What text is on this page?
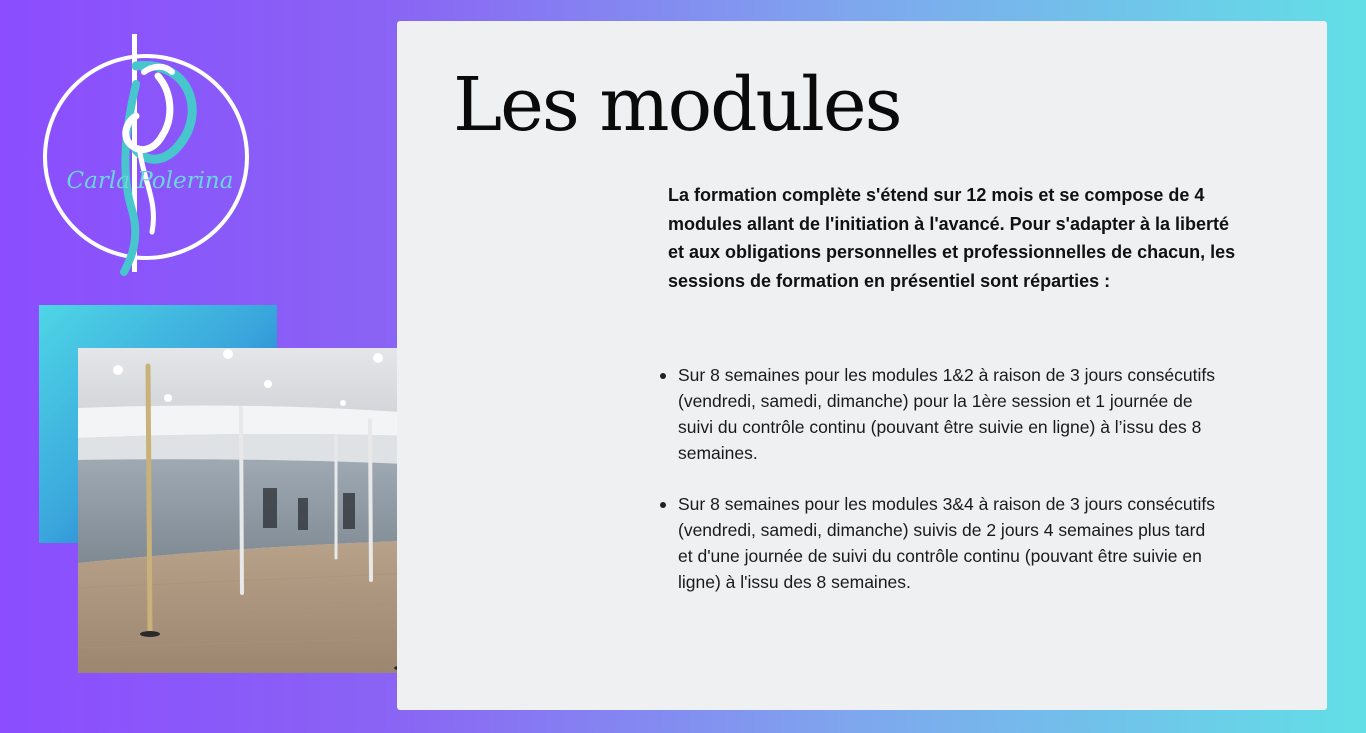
Carla Polerina
Les modules

La formation complète s'étend sur 12 mois et se compose de 4 modules allant de l'initiation à l'avancé. Pour s'adapter à la liberté et aux obligations personnelles et professionnelles de chacun, les sessions de formation en présentiel sont réparties :

Sur 8 semaines pour les modules 1&2 à raison de 3 jours consécutifs (vendredi, samedi, dimanche) pour la 1ère session et 1 journée de suivi du contrôle continu (pouvant être suivie en ligne) à l’issu des 8 semaines.
Sur 8 semaines pour les modules 3&4 à raison de 3 jours consécutifs (vendredi, samedi, dimanche) suivis de 2 jours 4 semaines plus tard et d'une journée de suivi du contrôle continu (pouvant être suivie en ligne) à l'issu des 8 semaines.
